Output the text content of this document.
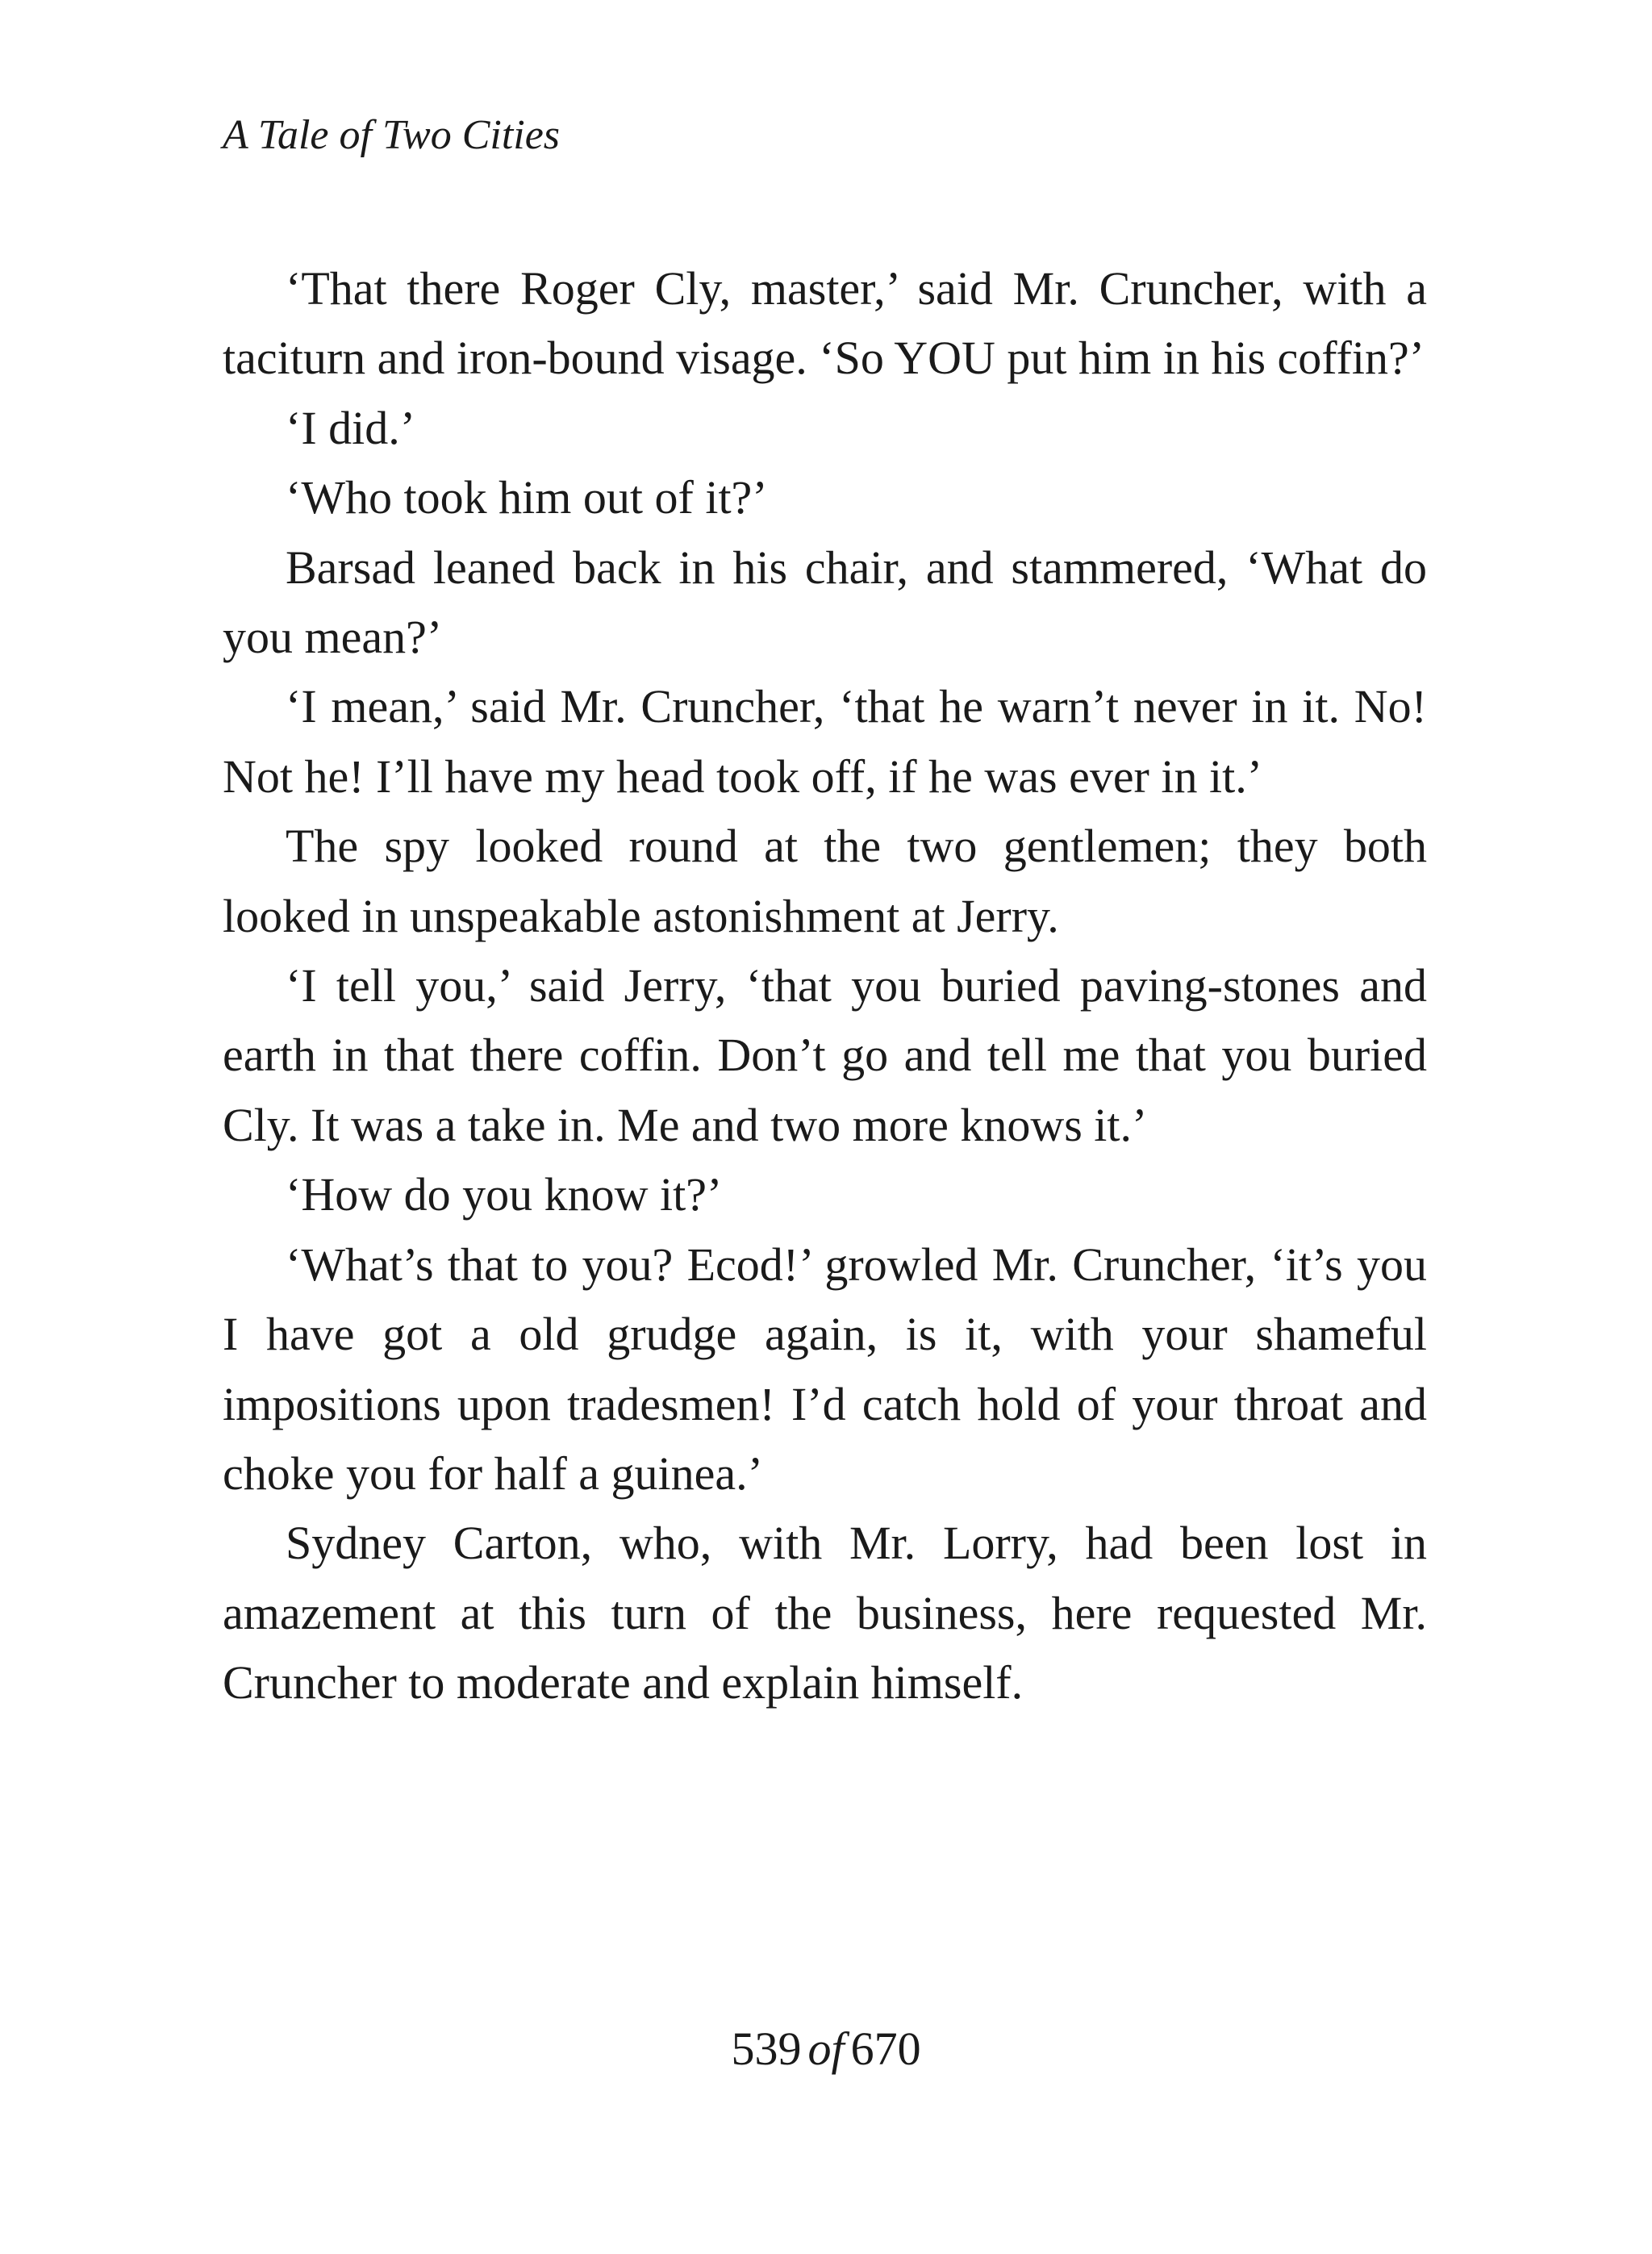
A Tale of Two Cities

‘That there Roger Cly, master,’ said Mr. Cruncher, with a taciturn and iron-bound visage. ‘So YOU put him in his coffin?’

‘I did.’

‘Who took him out of it?’

Barsad leaned back in his chair, and stammered, ‘What do you mean?’

‘I mean,’ said Mr. Cruncher, ‘that he warn’t never in it. No! Not he! I’ll have my head took off, if he was ever in it.’

The spy looked round at the two gentlemen; they both looked in unspeakable astonishment at Jerry.

‘I tell you,’ said Jerry, ‘that you buried paving-stones and earth in that there coffin. Don’t go and tell me that you buried Cly. It was a take in. Me and two more knows it.’

‘How do you know it?’

‘What’s that to you? Ecod!’ growled Mr. Cruncher, ‘it’s you I have got a old grudge again, is it, with your shameful impositions upon tradesmen! I’d catch hold of your throat and choke you for half a guinea.’

Sydney Carton, who, with Mr. Lorry, had been lost in amazement at this turn of the business, here requested Mr. Cruncher to moderate and explain himself.

539 of 670
